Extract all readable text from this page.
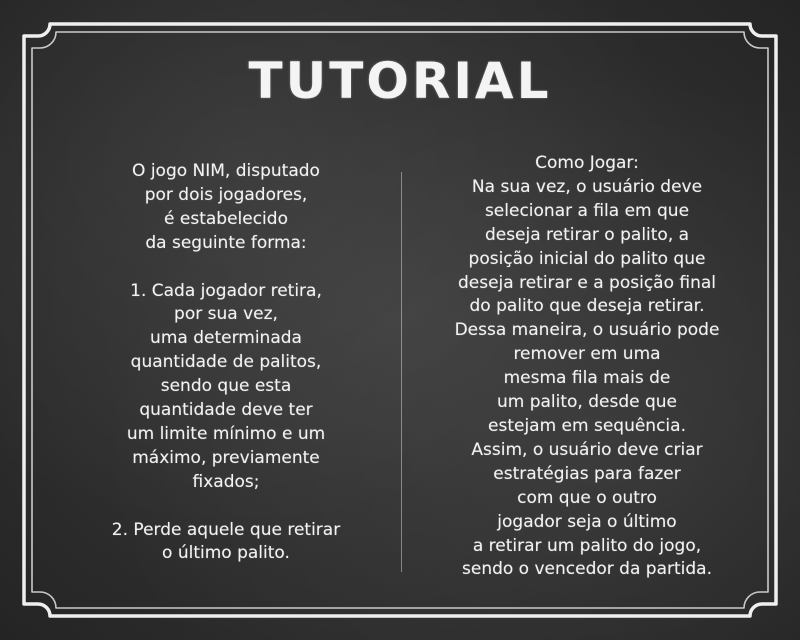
TUTORIAL
O jogo NIM, disputado
por dois jogadores,
é estabelecido
da seguinte forma:
1. Cada jogador retira,
por sua vez,
uma determinada
quantidade de palitos,
sendo que esta
quantidade deve ter
um limite mínimo e um
máximo, previamente
fixados;
2. Perde aquele que retirar
o último palito.
Como Jogar:
Na sua vez, o usuário deve
selecionar a fila em que
deseja retirar o palito, a
posição inicial do palito que
deseja retirar e a posição final
do palito que deseja retirar.
Dessa maneira, o usuário pode
remover em uma
mesma fila mais de
um palito, desde que
estejam em sequência.
Assim, o usuário deve criar
estratégias para fazer
com que o outro
jogador seja o último
a retirar um palito do jogo,
sendo o vencedor da partida.
